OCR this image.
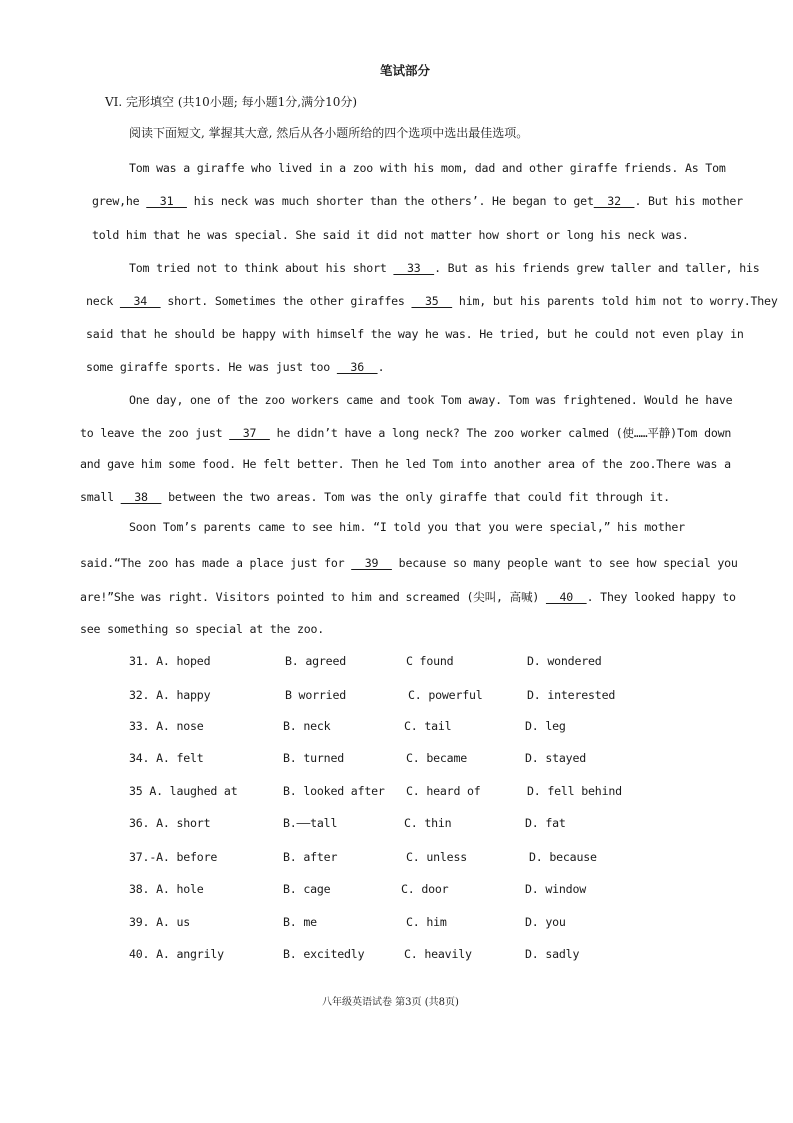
笔试部分
VI. 完形填空 (共10小题; 每小题1分,满分10分)
阅读下面短文, 掌握其大意, 然后从各小题所给的四个选项中选出最佳选项。
Tom was a giraffe who lived in a zoo with his mom, dad and other giraffe friends. As Tom
grew,he   31   his neck was much shorter than the others’. He began to get  32  . But his mother
told him that he was special. She said it did not matter how short or long his neck was.
Tom tried not to think about his short   33  . But as his friends grew taller and taller, his
neck   34   short. Sometimes the other giraffes   35   him, but his parents told him not to worry.They
said that he should be happy with himself the way he was. He tried, but he could not even play in
some giraffe sports. He was just too   36  .
One day, one of the zoo workers came and took Tom away. Tom was frightened. Would he have
to leave the zoo just   37   he didn’t have a long neck? The zoo worker calmed (使……平静)Tom down
and gave him some food. He felt better. Then he led Tom into another area of the zoo.There was a
small   38   between the two areas. Tom was the only giraffe that could fit through it.
Soon Tom’s parents came to see him. “I told you that you were special,” his mother
said.“The zoo has made a place just for   39   because so many people want to see how special you
are!”She was right. Visitors pointed to him and screamed (尖叫, 高喊)   40  . They looked happy to
see something so special at the zoo.
31. A. hoped	B. agreed	C found	D. wondered
32. A. happy	B worried	C. powerful	D. interested
33. A. nose	B. neck	C. tail	D. leg
34. A. felt	B. turned	C. became	D. stayed
35 A. laughed at	B. looked after C. heard of	D. fell behind
36. A. short	B.——tall	C. thin	D. fat
37.-A. before	B. after	C. unless	D. because
38. A. hole	B. cage	C. door	D. window
39. A. us	B. me	C. him	D. you
40. A. angrily	B. excitedly	C. heavily	D. sadly
八年级英语试卷 第3页 (共8页)
